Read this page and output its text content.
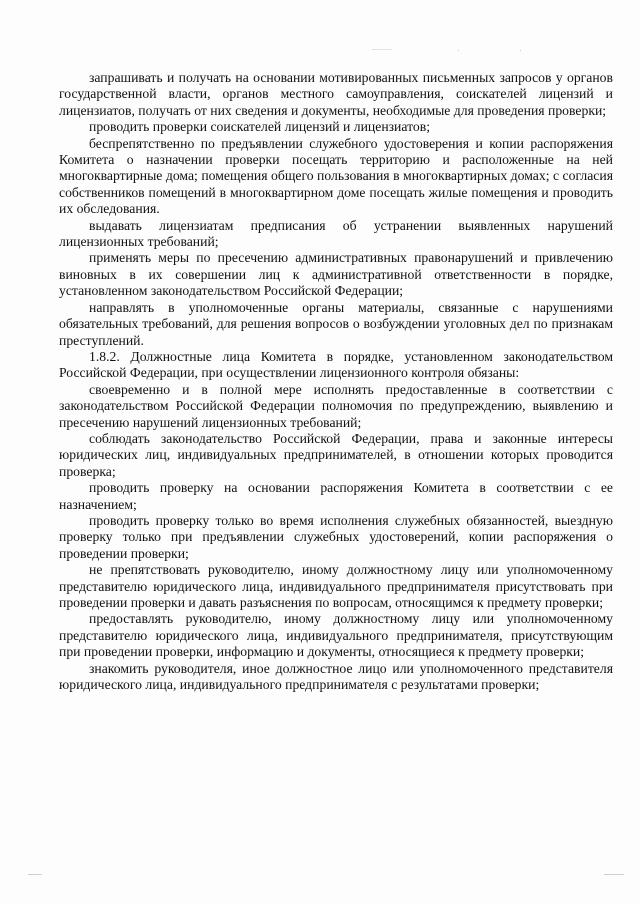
запрашивать и получать на основании мотивированных письменных запросов у органов государственной власти, органов местного самоуправления, соискателей лицензий и лицензиатов, получать от них сведения и документы, необходимые для проведения проверки;

проводить проверки соискателей лицензий и лицензиатов;

беспрепятственно по предъявлении служебного удостоверения и копии распоряжения Комитета о назначении проверки посещать территорию и расположенные на ней многоквартирные дома; помещения общего пользования в многоквартирных домах; с согласия собственников помещений в многоквартирном доме посещать жилые помещения и проводить их обследования.

выдавать лицензиатам предписания об устранении выявленных нарушений лицензионных требований;

применять меры по пресечению административных правонарушений и привлечению виновных в их совершении лиц к административной ответственности в порядке, установленном законодательством Российской Федерации;

направлять в уполномоченные органы материалы, связанные с нарушениями обязательных требований, для решения вопросов о возбуждении уголовных дел по признакам преступлений.

1.8.2. Должностные лица Комитета в порядке, установленном законодательством Российской Федерации, при осуществлении лицензионного контроля обязаны:

своевременно и в полной мере исполнять предоставленные в соответствии с законодательством Российской Федерации полномочия по предупреждению, выявлению и пресечению нарушений лицензионных требований;

соблюдать законодательство Российской Федерации, права и законные интересы юридических лиц, индивидуальных предпринимателей, в отношении которых проводится проверка;

проводить проверку на основании распоряжения Комитета в соответствии с ее назначением;

проводить проверку только во время исполнения служебных обязанностей, выездную проверку только при предъявлении служебных удостоверений, копии распоряжения о проведении проверки;

не препятствовать руководителю, иному должностному лицу или уполномоченному представителю юридического лица, индивидуального предпринимателя присутствовать при проведении проверки и давать разъяснения по вопросам, относящимся к предмету проверки;

предоставлять руководителю, иному должностному лицу или уполномоченному представителю юридического лица, индивидуального предпринимателя, присутствующим при проведении проверки, информацию и документы, относящиеся к предмету проверки;

знакомить руководителя, иное должностное лицо или уполномоченного представителя юридического лица, индивидуального предпринимателя с результатами проверки;
